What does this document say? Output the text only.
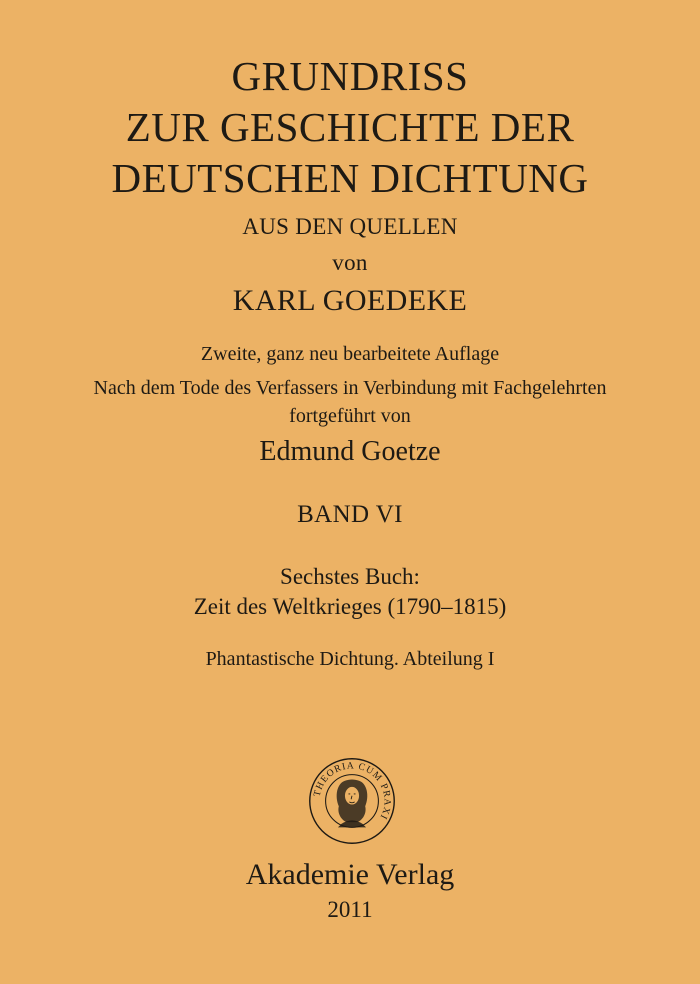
GRUNDRISS
ZUR GESCHICHTE DER
DEUTSCHEN DICHTUNG
AUS DEN QUELLEN
von
KARL GOEDEKE
Zweite, ganz neu bearbeitete Auflage
Nach dem Tode des Verfassers in Verbindung mit Fachgelehrten
fortgeführt von
Edmund Goetze
BAND VI
Sechstes Buch:
Zeit des Weltkrieges (1790–1815)
Phantastische Dichtung. Abteilung I
THEORIA CUM PRAXI
Akademie Verlag
2011
